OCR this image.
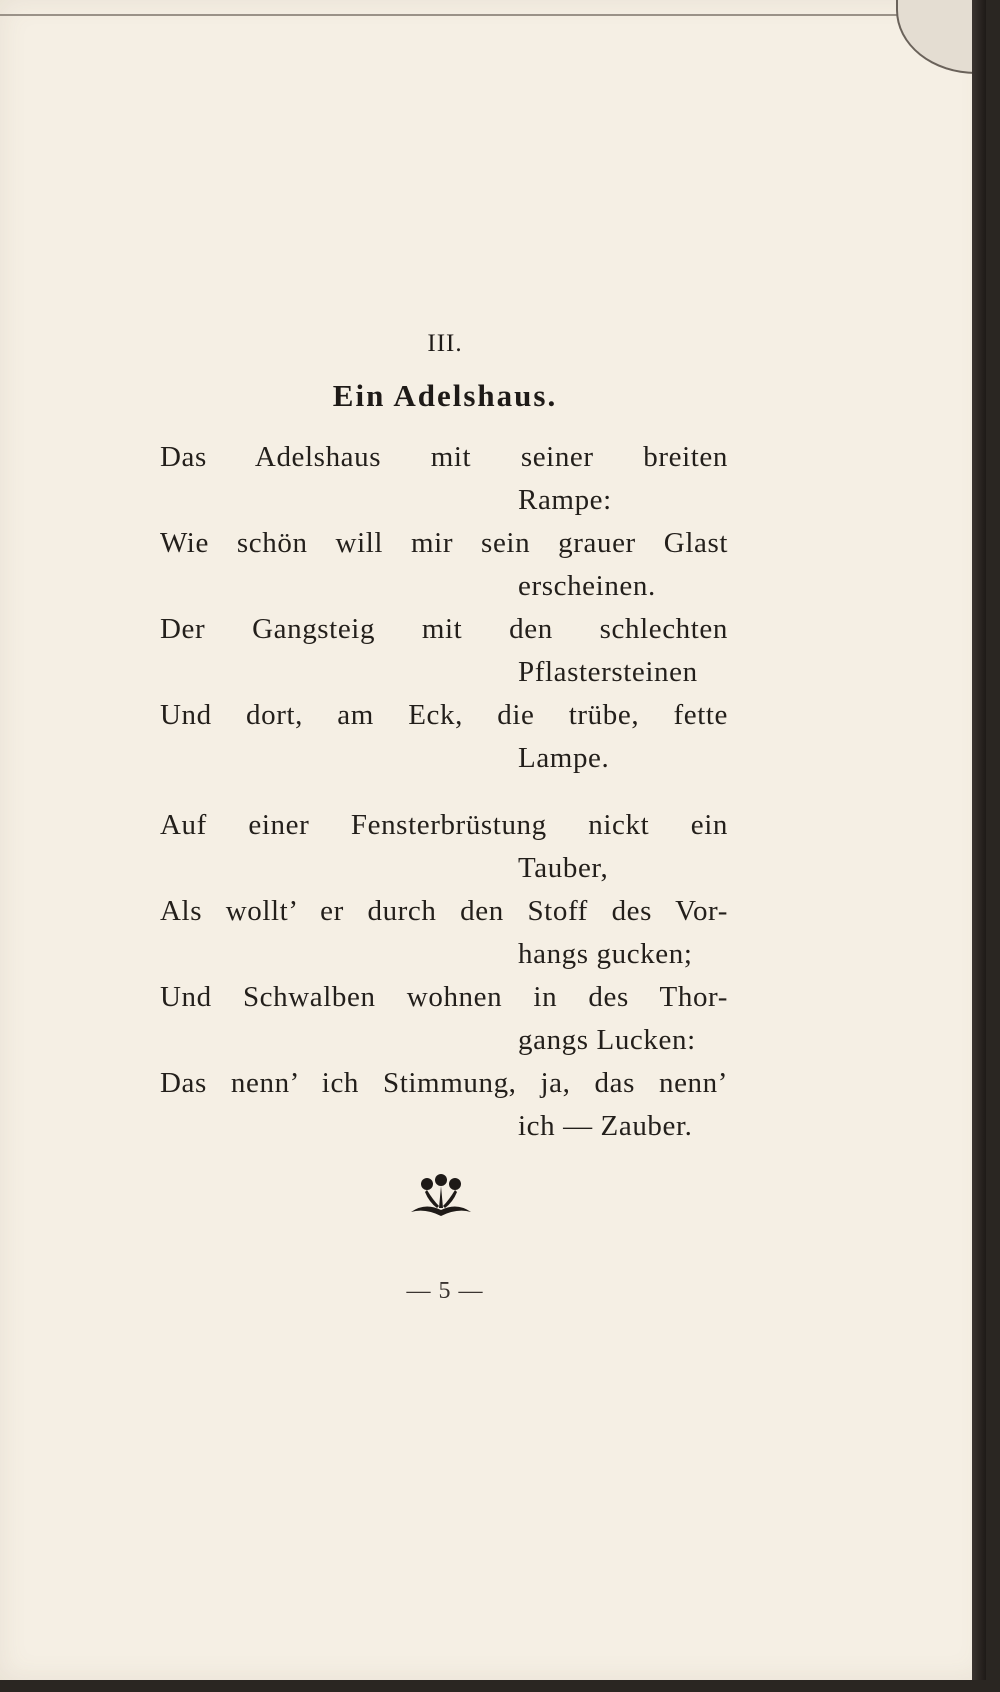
III.
Ein Adelshaus.
Das Adelshaus mit seiner breiten
Rampe:
Wie schön will mir sein grauer Glast
erscheinen.
Der Gangsteig mit den schlechten
Pflastersteinen
Und dort, am Eck, die trübe, fette
Lampe.
Auf einer Fensterbrüstung nickt ein
Tauber,
Als wollt’ er durch den Stoff des Vor-
hangs gucken;
Und Schwalben wohnen in des Thor-
gangs Lucken:
Das nenn’ ich Stimmung, ja, das nenn’
ich — Zauber.
— 5 —
